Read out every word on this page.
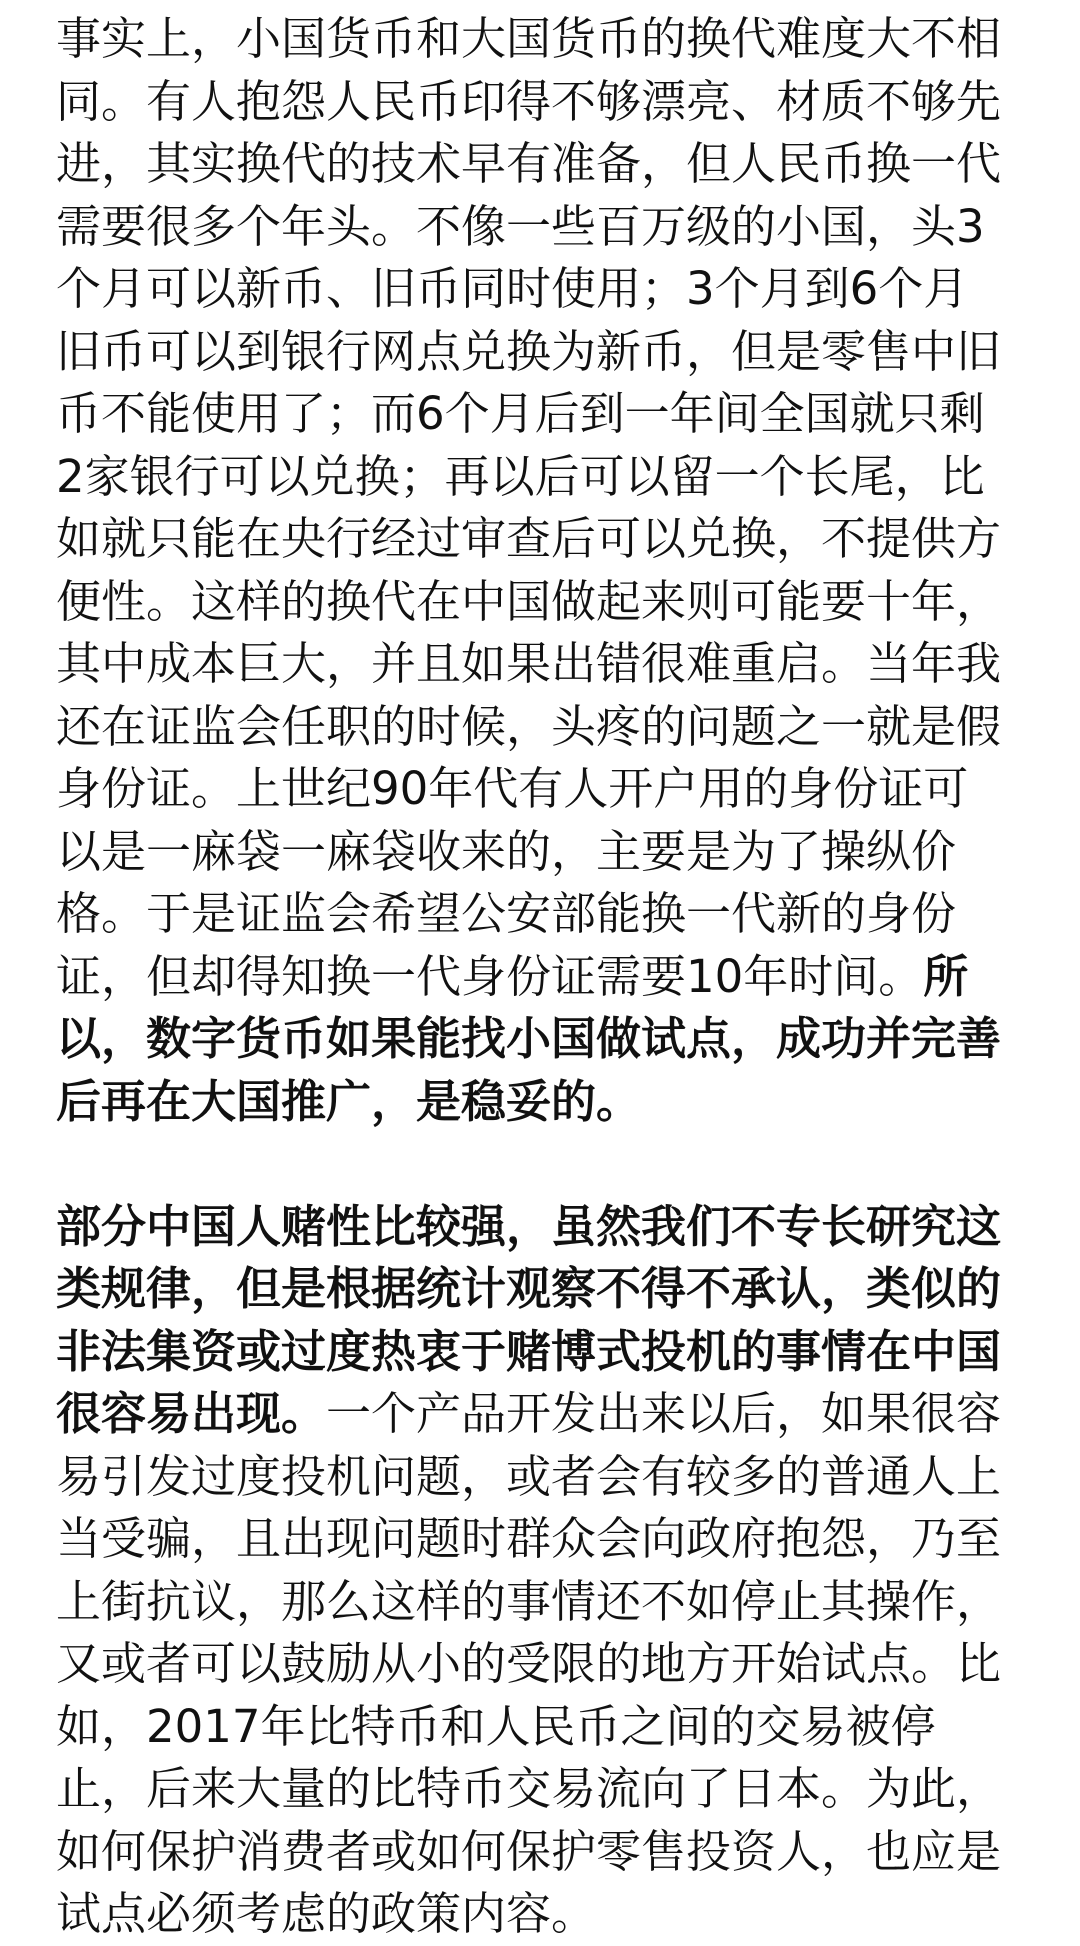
事实上，小国货币和大国货币的换代难度大不相
同。有人抱怨人民币印得不够漂亮、材质不够先
进，其实换代的技术早有准备，但人民币换一代
需要很多个年头。不像一些百万级的小国，头3
个月可以新币、旧币同时使用；3个月到6个月
旧币可以到银行网点兑换为新币，但是零售中旧
币不能使用了；而6个月后到一年间全国就只剩
2家银行可以兑换；再以后可以留一个长尾，比
如就只能在央行经过审查后可以兑换，不提供方
便性。这样的换代在中国做起来则可能要十年，
其中成本巨大，并且如果出错很难重启。当年我
还在证监会任职的时候，头疼的问题之一就是假
身份证。上世纪90年代有人开户用的身份证可
以是一麻袋一麻袋收来的，主要是为了操纵价
格。于是证监会希望公安部能换一代新的身份
证，但却得知换一代身份证需要10年时间。所
以，数字货币如果能找小国做试点，成功并完善
后再在大国推广，是稳妥的。
部分中国人赌性比较强，虽然我们不专长研究这
类规律，但是根据统计观察不得不承认，类似的
非法集资或过度热衷于赌博式投机的事情在中国
很容易出现。一个产品开发出来以后，如果很容
易引发过度投机问题，或者会有较多的普通人上
当受骗，且出现问题时群众会向政府抱怨，乃至
上街抗议，那么这样的事情还不如停止其操作，
又或者可以鼓励从小的受限的地方开始试点。比
如，2017年比特币和人民币之间的交易被停
止，后来大量的比特币交易流向了日本。为此，
如何保护消费者或如何保护零售投资人，也应是
试点必须考虑的政策内容。
